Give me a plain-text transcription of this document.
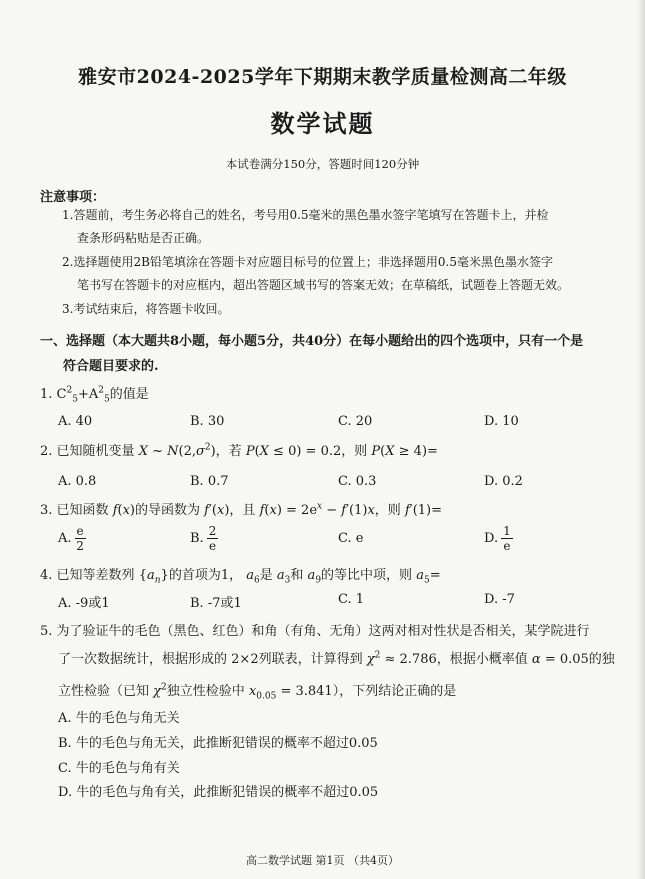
雅安市2024-2025学年下期期末教学质量检测高二年级
数学试题
本试卷满分150分，答题时间120分钟
注意事项：
1.答题前，考生务必将自己的姓名，考号用0.5毫米的黑色墨水签字笔填写在答题卡上，并检
查条形码粘贴是否正确。
2.选择题使用2B铅笔填涂在答题卡对应题目标号的位置上；非选择题用0.5毫米黑色墨水签字
笔书写在答题卡的对应框内，超出答题区域书写的答案无效；在草稿纸，试题卷上答题无效。
3.考试结束后，将答题卡收回。
一、选择题（本大题共8小题，每小题5分，共40分）在每小题给出的四个选项中，只有一个是
符合题目要求的.
1. $C^2_5+A^2_5$的值是
A. 40	B. 30	C. 20	D. 10
2. 已知随机变量 X ~ $N(2,\sigma^2)$，若 P(X ≤ 0) = 0.2，则 P(X ≥ 4)=
A. 0.8	B. 0.7	C. 0.3	D. 0.2
3. 已知函数 f(x)的导函数为 f′(x)，且 $f(x) = 2e^x - f'(1)x$，则 f′(1)=
A. $\frac{e}{2}$	B. $\frac{2}{e}$	C. e	D. $\frac{1}{e}$
4. 已知等差数列 $\{a_n\}$的首项为1， $a_6$是 $a_3$和 $a_9$的等比中项，则 $a_5=$
A. -9或1	B. -7或1	C. 1	D. -7
5. 为了验证牛的毛色（黑色、红色）和角（有角、无角）这两对相对性状是否相关，某学院进行
了一次数据统计，根据形成的 2×2列联表，计算得到 $\chi^2 \approx 2.786$，根据小概率值 α = 0.05的独
立性检验（已知 $\chi^2$独立性检验中 $x_{0.05} = 3.841$），下列结论正确的是
A. 牛的毛色与角无关
B. 牛的毛色与角无关，此推断犯错误的概率不超过0.05
C. 牛的毛色与角有关
D. 牛的毛色与角有关，此推断犯错误的概率不超过0.05
高二数学试题 第1页 （共4页）
